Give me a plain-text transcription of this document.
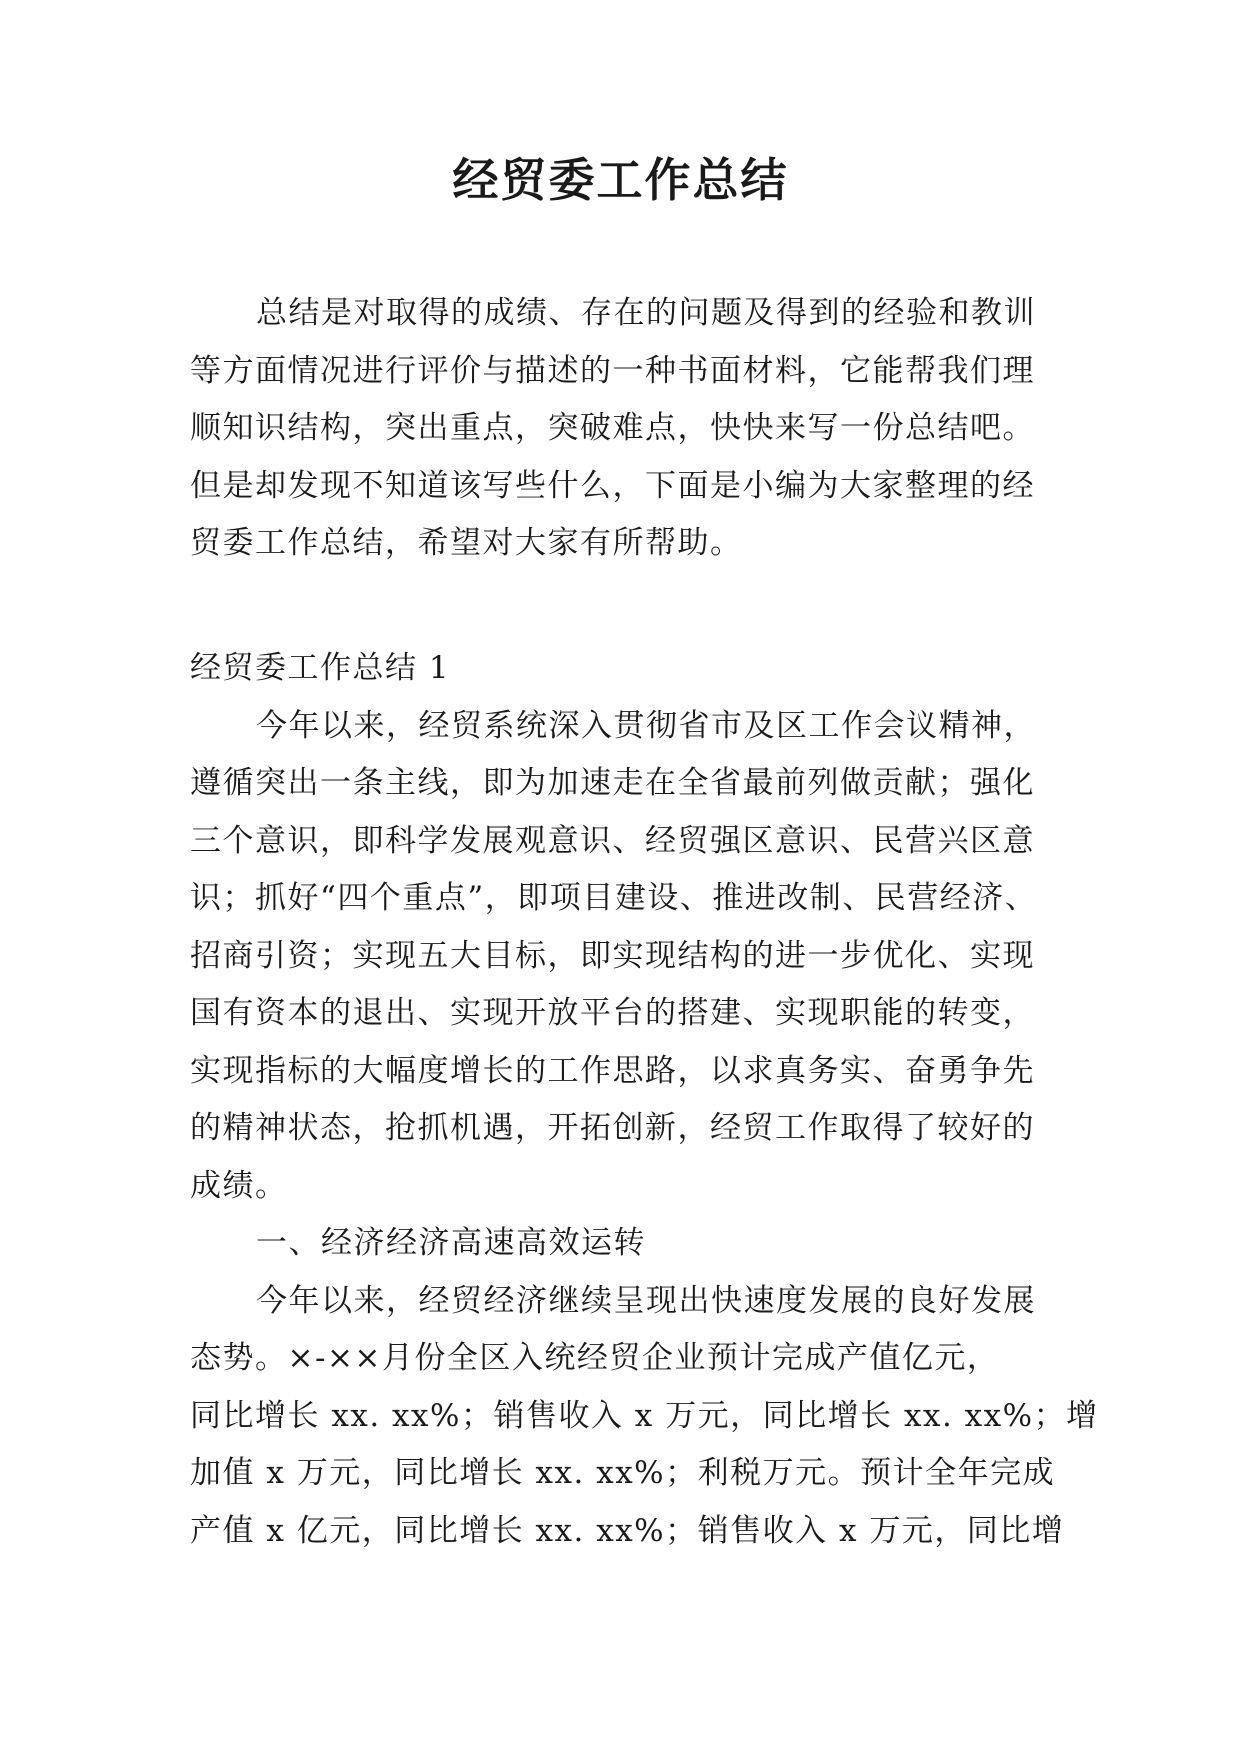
经贸委工作总结
总结是对取得的成绩、存在的问题及得到的经验和教训
等方面情况进行评价与描述的一种书面材料，它能帮我们理
顺知识结构，突出重点，突破难点，快快来写一份总结吧。
但是却发现不知道该写些什么，下面是小编为大家整理的经
贸委工作总结，希望对大家有所帮助。
经贸委工作总结 1
今年以来，经贸系统深入贯彻省市及区工作会议精神，
遵循突出一条主线，即为加速走在全省最前列做贡献；强化
三个意识，即科学发展观意识、经贸强区意识、民营兴区意
识；抓好“四个重点”，即项目建设、推进改制、民营经济、
招商引资；实现五大目标，即实现结构的进一步优化、实现
国有资本的退出、实现开放平台的搭建、实现职能的转变，
实现指标的大幅度增长的工作思路，以求真务实、奋勇争先
的精神状态，抢抓机遇，开拓创新，经贸工作取得了较好的
成绩。
一、经济经济高速高效运转
今年以来，经贸经济继续呈现出快速度发展的良好发展
态势。×-××月份全区入统经贸企业预计完成产值亿元，
同比增长 xx. xx%；销售收入 x 万元，同比增长 xx. xx%；增
加值 x 万元，同比增长 xx. xx%；利税万元。预计全年完成
产值 x 亿元，同比增长 xx. xx%；销售收入 x 万元，同比增
